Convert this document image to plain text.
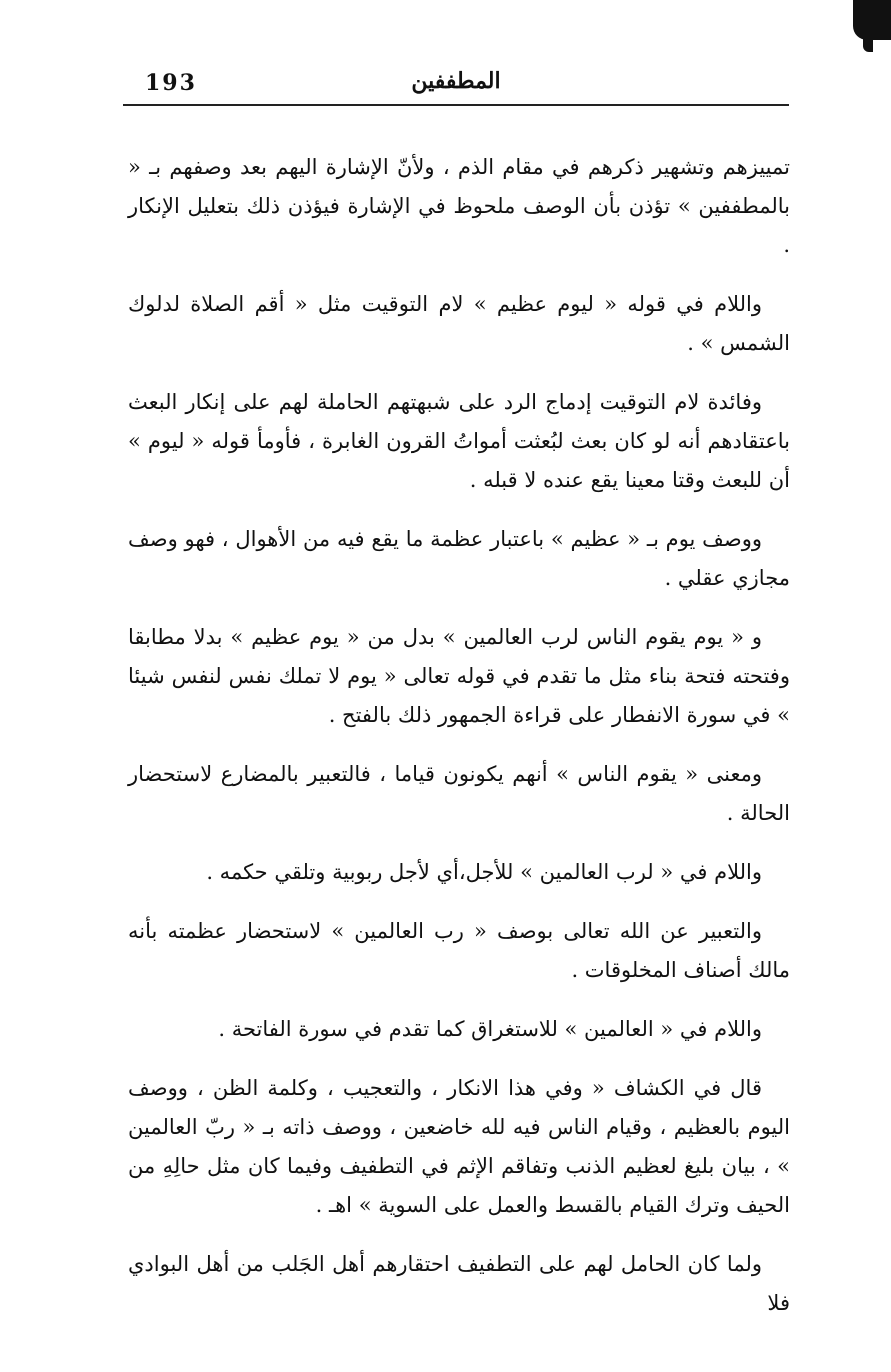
193	المطففين

تمييزهم وتشهير ذكرهم في مقام الذم ، ولأنّ الإشارة اليهم بعد وصفهم بـ « بالمطففين » تؤذن بأن الوصف ملحوظ في الإشارة فيؤذن ذلك بتعليل الإنكار .

واللام في قوله « ليوم عظيم » لام التوقيت مثل « أقم الصلاة لدلوك الشمس » .

وفائدة لام التوقيت إدماج الرد على شبهتهم الحاملة لهم على إنكار البعث باعتقادهم أنه لو كان بعث لبُعثت أمواتُ القرون الغابرة ، فأومأ قوله « ليوم » أن للبعث وقتا معينا يقع عنده لا قبله .

ووصف يوم بـ « عظيم » باعتبار عظمة ما يقع فيه من الأهوال ، فهو وصف مجازي عقلي .

و « يوم يقوم الناس لرب العالمين » بدل من « يوم عظيم » بدلا مطابقا وفتحته فتحة بناء مثل ما تقدم في قوله تعالى « يوم لا تملك نفس لنفس شيئا » في سورة الانفطار على قراءة الجمهور ذلك بالفتح .

ومعنى « يقوم الناس » أنهم يكونون قياما ، فالتعبير بالمضارع لاستحضار الحالة .

واللام في « لرب العالمين » للأجل،أي لأجل ربوبية وتلقي حكمه .

والتعبير عن الله تعالى بوصف « رب العالمين » لاستحضار عظمته بأنه مالك أصناف المخلوقات .

واللام في « العالمين » للاستغراق كما تقدم في سورة الفاتحة .

قال في الكشاف « وفي هذا الانكار ، والتعجيب ، وكلمة الظن ، ووصف اليوم بالعظيم ، وقيام الناس فيه لله خاضعين ، ووصف ذاته بـ « ربّ العالمين » ، بيان بليغ لعظيم الذنب وتفاقم الإثم في التطفيف وفيما كان مثل حالِهِ من الحيف وترك القيام بالقسط والعمل على السوية » اهـ .

ولما كان الحامل لهم على التطفيف احتقارهم أهل الجَلب من أهل البوادي فلا
